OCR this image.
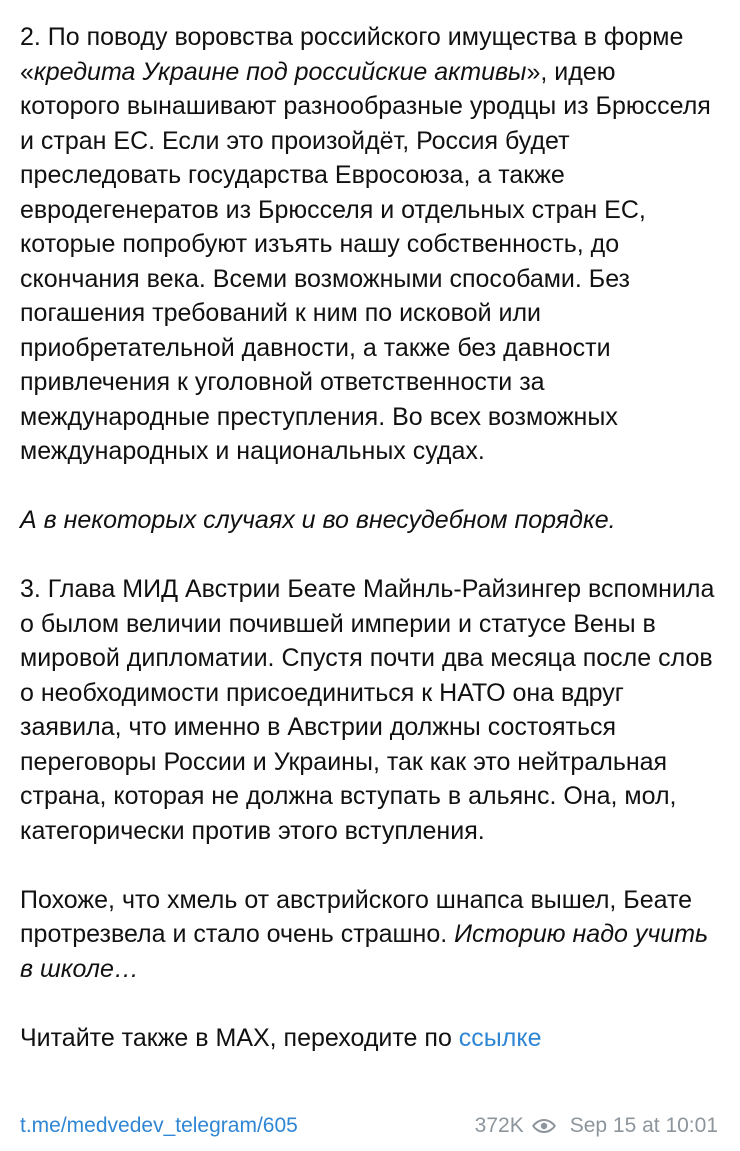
2. По поводу воровства российского имущества в форме «кредита Украине под российские активы», идею которого вынашивают разнообразные уродцы из Брюсселя и стран ЕС. Если это произойдёт, Россия будет преследовать государства Евросоюза, а также евродегенератов из Брюсселя и отдельных стран ЕС, которые попробуют изъять нашу собственность, до скончания века. Всеми возможными способами. Без погашения требований к ним по исковой или приобретательной давности, а также без давности привлечения к уголовной ответственности за международные преступления. Во всех возможных международных и национальных судах.

А в некоторых случаях и во внесудебном порядке.

3. Глава МИД Австрии Беате Майнль-Райзингер вспомнила о былом величии почившей империи и статусе Вены в мировой дипломатии. Спустя почти два месяца после слов о необходимости присоединиться к НАТО она вдруг заявила, что именно в Австрии должны состояться переговоры России и Украины, так как это нейтральная страна, которая не должна вступать в альянс. Она, мол, категорически против этого вступления.

Похоже, что хмель от австрийского шнапса вышел, Беате протрезвела и стало очень страшно. Историю надо учить в школе…

Читайте также в MAX, переходите по ссылке

t.me/medvedev_telegram/605	372K Sep 15 at 10:01
